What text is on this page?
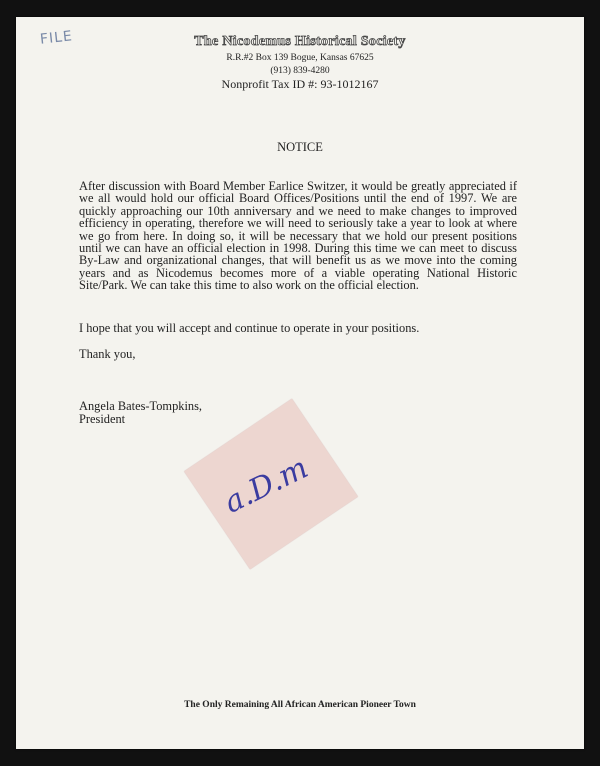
FILE	The Nicodemus Historical Society
R.R.#2 Box 139 Bogue, Kansas 67625
(913) 839-4280
Nonprofit Tax ID #: 93-1012167
NOTICE
After discussion with Board Member Earlice Switzer, it would be greatly appreciated if we all would hold our official Board Offices/Positions until the end of 1997. We are quickly approaching our 10th anniversary and we need to make changes to improved efficiency in operating, therefore we will need to seriously take a year to look at where we go from here. In doing so, it will be necessary that we hold our present positions until we can have an official election in 1998. During this time we can meet to discuss By-Law and organizational changes, that will benefit us as we move into the coming years and as Nicodemus becomes more of a viable operating National Historic Site/Park. We can take this time to also work on the official election.
I hope that you will accept and continue to operate in your positions.
Thank you,
Angela Bates-Tompkins,
President
a.D.m
The Only Remaining All African American Pioneer Town
